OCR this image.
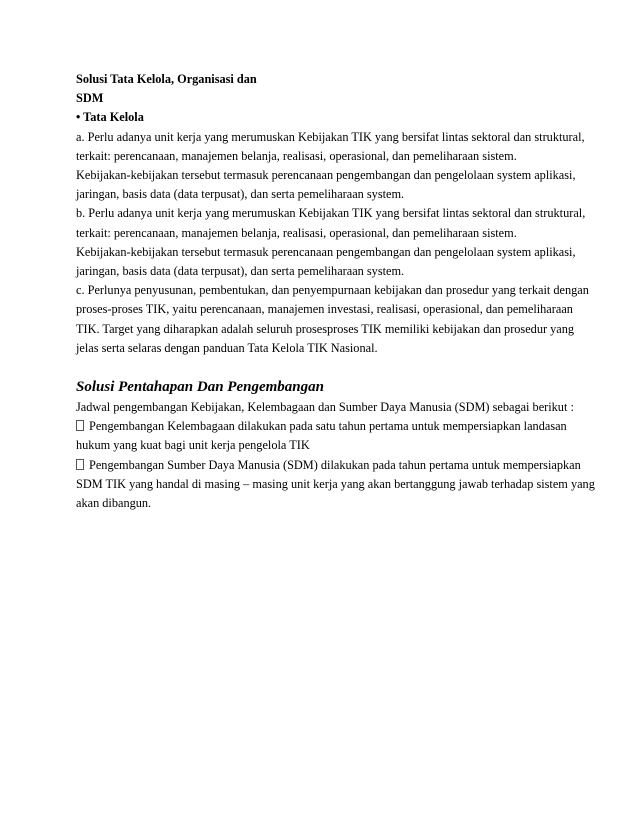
Solusi Tata Kelola, Organisasi dan
SDM
• Tata Kelola
a. Perlu adanya unit kerja yang merumuskan Kebijakan TIK yang bersifat lintas sektoral dan struktural,
terkait: perencanaan, manajemen belanja, realisasi, operasional, dan pemeliharaan sistem.
Kebijakan-kebijakan tersebut termasuk perencanaan pengembangan dan pengelolaan system aplikasi,
jaringan, basis data (data terpusat), dan serta pemeliharaan system.
b. Perlu adanya unit kerja yang merumuskan Kebijakan TIK yang bersifat lintas sektoral dan struktural,
terkait: perencanaan, manajemen belanja, realisasi, operasional, dan pemeliharaan sistem.
Kebijakan-kebijakan tersebut termasuk perencanaan pengembangan dan pengelolaan system aplikasi,
jaringan, basis data (data terpusat), dan serta pemeliharaan system.
c. Perlunya penyusunan, pembentukan, dan penyempurnaan kebijakan dan prosedur yang terkait dengan
proses-proses TIK, yaitu perencanaan, manajemen investasi, realisasi, operasional, dan pemeliharaan
TIK. Target yang diharapkan adalah seluruh prosesproses TIK memiliki kebijakan dan prosedur yang
jelas serta selaras dengan panduan Tata Kelola TIK Nasional.
Solusi Pentahapan Dan Pengembangan
Jadwal pengembangan Kebijakan, Kelembagaan dan Sumber Daya Manusia (SDM) sebagai berikut :
Pengembangan Kelembagaan dilakukan pada satu tahun pertama untuk mempersiapkan landasan
hukum yang kuat bagi unit kerja pengelola TIK
Pengembangan Sumber Daya Manusia (SDM) dilakukan pada tahun pertama untuk mempersiapkan
SDM TIK yang handal di masing – masing unit kerja yang akan bertanggung jawab terhadap sistem yang
akan dibangun.
